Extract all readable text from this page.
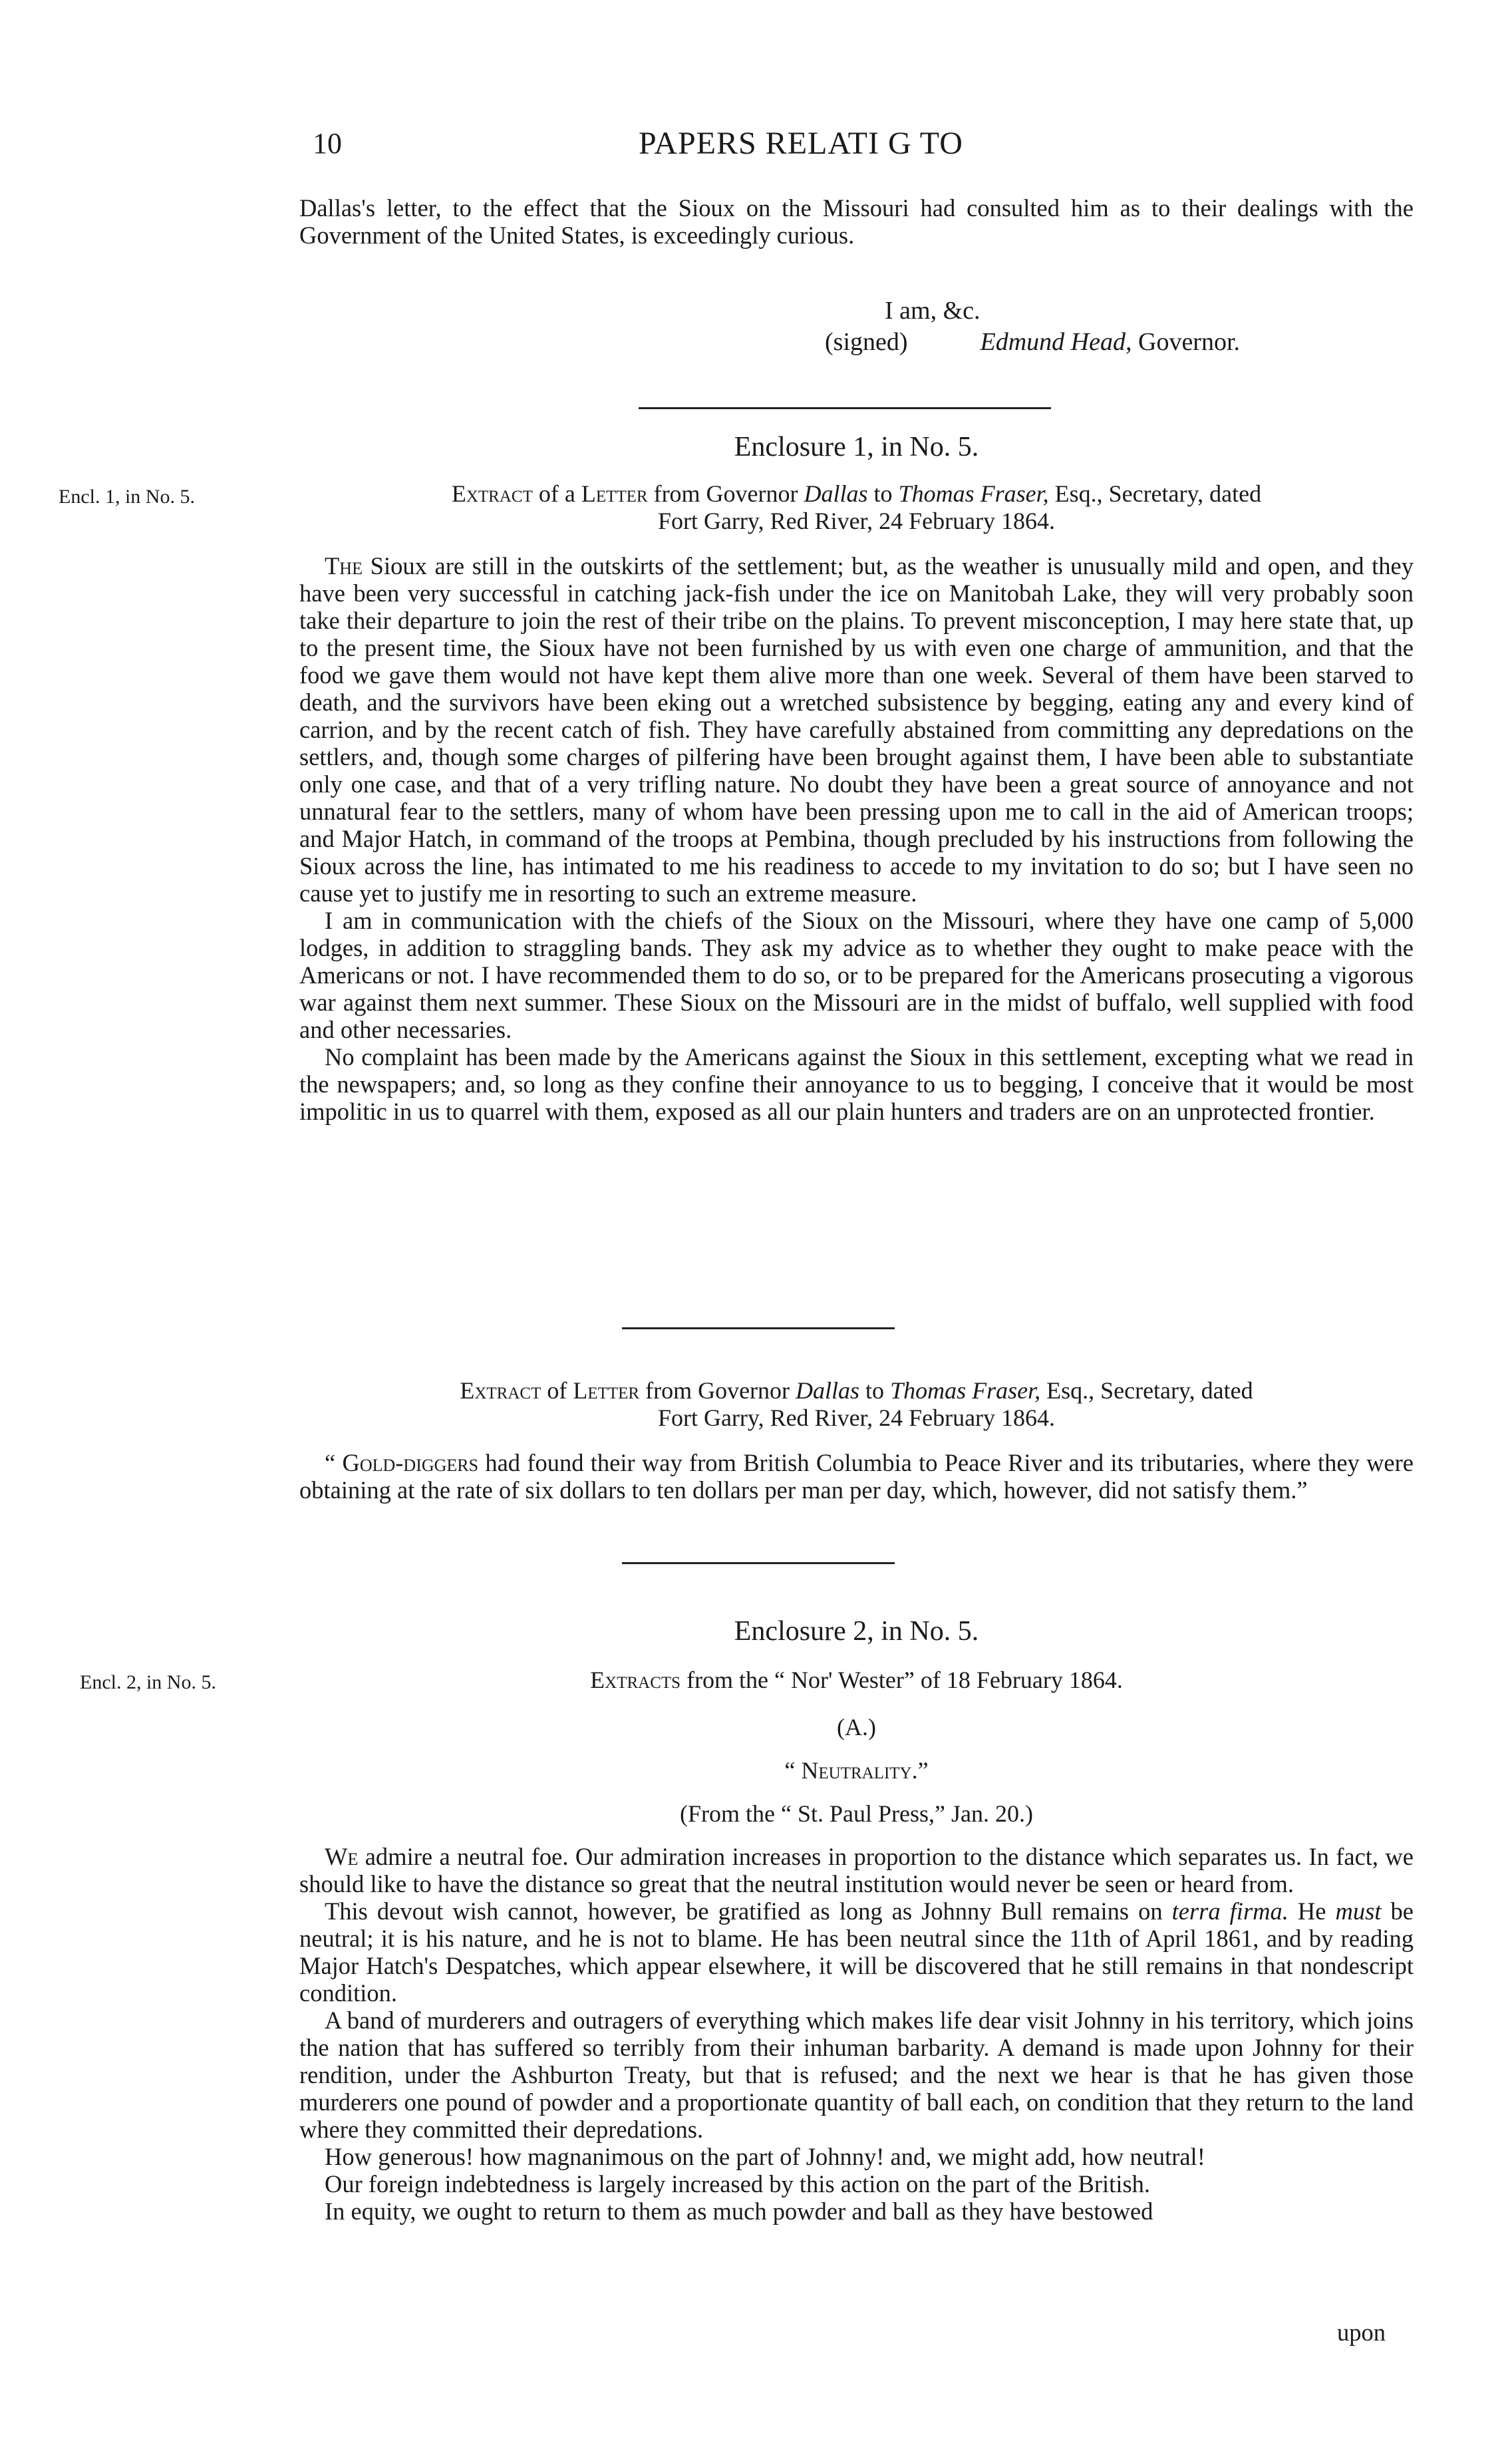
10	PAPERS RELATI G TO

Dallas's letter, to the effect that the Sioux on the Missouri had consulted him as to their dealings with the Government of the United States, is exceedingly curious.

I am, &c.
(signed)	Edmund Head, Governor.
Enclosure 1, in No. 5.
Encl. 1, in No. 5.	Extract of a Letter from Governor Dallas to Thomas Fraser, Esq., Secretary, dated
Fort Garry, Red River, 24 February 1864.

The Sioux are still in the outskirts of the settlement; but, as the weather is unusually mild and open, and they have been very successful in catching jack-fish under the ice on Manitobah Lake, they will very probably soon take their departure to join the rest of their tribe on the plains. To prevent misconception, I may here state that, up to the present time, the Sioux have not been furnished by us with even one charge of ammunition, and that the food we gave them would not have kept them alive more than one week. Several of them have been starved to death, and the survivors have been eking out a wretched subsistence by begging, eating any and every kind of carrion, and by the recent catch of fish. They have carefully abstained from committing any depredations on the settlers, and, though some charges of pilfering have been brought against them, I have been able to substantiate only one case, and that of a very trifling nature. No doubt they have been a great source of annoyance and not unnatural fear to the settlers, many of whom have been pressing upon me to call in the aid of American troops; and Major Hatch, in command of the troops at Pembina, though precluded by his instructions from following the Sioux across the line, has intimated to me his readiness to accede to my invitation to do so; but I have seen no cause yet to justify me in resorting to such an extreme measure.

I am in communication with the chiefs of the Sioux on the Missouri, where they have one camp of 5,000 lodges, in addition to straggling bands. They ask my advice as to whether they ought to make peace with the Americans or not. I have recommended them to do so, or to be prepared for the Americans prosecuting a vigorous war against them next summer. These Sioux on the Missouri are in the midst of buffalo, well supplied with food and other necessaries.

No complaint has been made by the Americans against the Sioux in this settlement, excepting what we read in the newspapers; and, so long as they confine their annoyance to us to begging, I conceive that it would be most impolitic in us to quarrel with them, exposed as all our plain hunters and traders are on an unprotected frontier.

Extract of Letter from Governor Dallas to Thomas Fraser, Esq., Secretary, dated
Fort Garry, Red River, 24 February 1864.

“ Gold-diggers had found their way from British Columbia to Peace River and its tributaries, where they were obtaining at the rate of six dollars to ten dollars per man per day, which, however, did not satisfy them.”

Enclosure 2, in No. 5.
Encl. 2, in No. 5.	Extracts from the “ Nor' Wester” of 18 February 1864.
(A.)
“ Neutrality.”
(From the “ St. Paul Press,” Jan. 20.)

We admire a neutral foe. Our admiration increases in proportion to the distance which separates us. In fact, we should like to have the distance so great that the neutral institution would never be seen or heard from.

This devout wish cannot, however, be gratified as long as Johnny Bull remains on terra firma. He must be neutral; it is his nature, and he is not to blame. He has been neutral since the 11th of April 1861, and by reading Major Hatch's Despatches, which appear elsewhere, it will be discovered that he still remains in that nondescript condition.

A band of murderers and outragers of everything which makes life dear visit Johnny in his territory, which joins the nation that has suffered so terribly from their inhuman barbarity. A demand is made upon Johnny for their rendition, under the Ashburton Treaty, but that is refused; and the next we hear is that he has given those murderers one pound of powder and a proportionate quantity of ball each, on condition that they return to the land where they committed their depredations.

How generous! how magnanimous on the part of Johnny! and, we might add, how neutral!

Our foreign indebtedness is largely increased by this action on the part of the British.

In equity, we ought to return to them as much powder and ball as they have bestowed

upon
